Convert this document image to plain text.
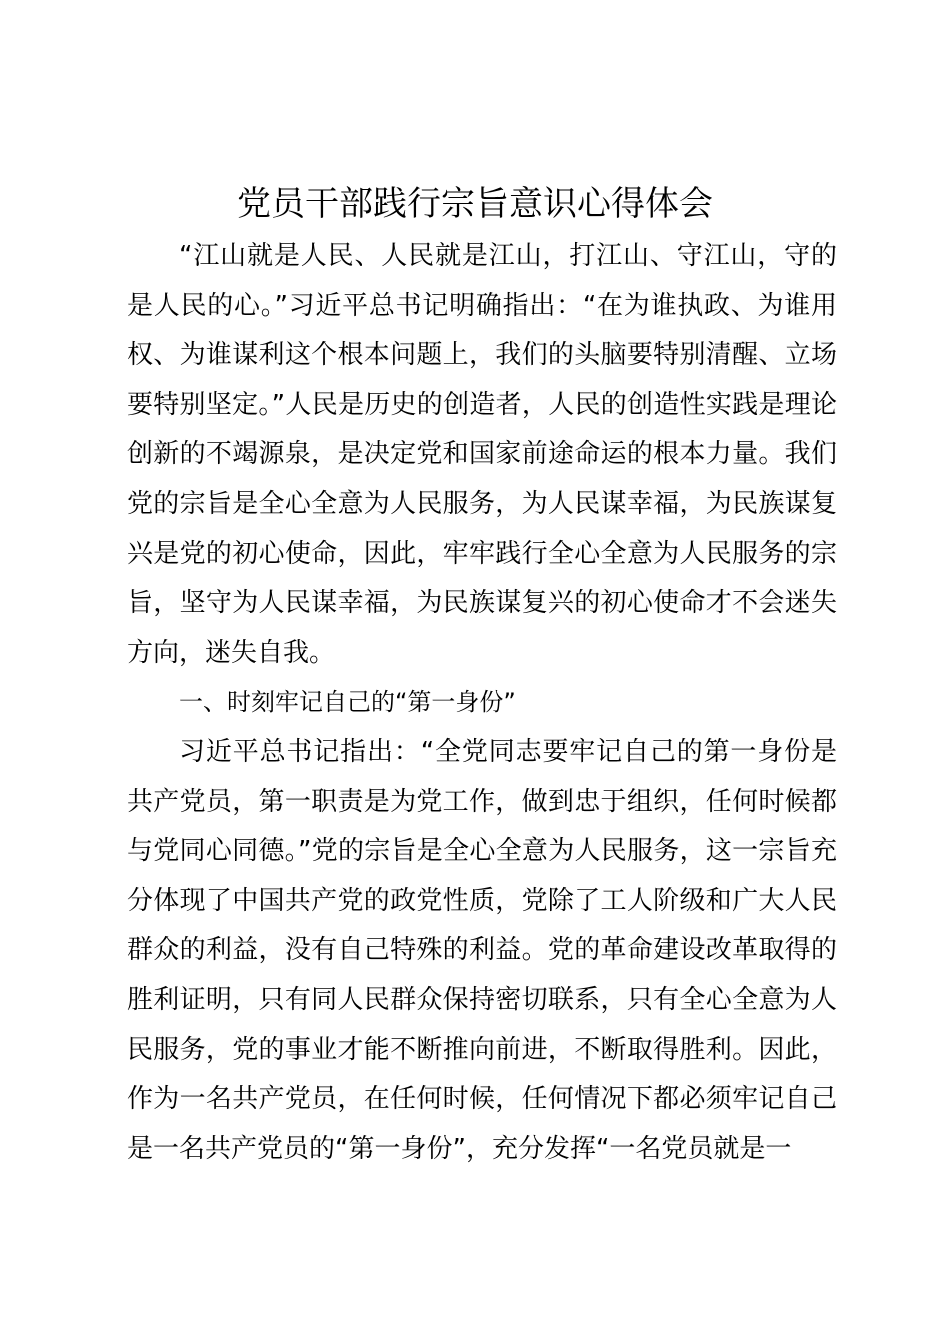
党员干部践行宗旨意识心得体会

“江山就是人民、人民就是江山，打江山、守江山，守的是人民的心。”习近平总书记明确指出：“在为谁执政、为谁用权、为谁谋利这个根本问题上，我们的头脑要特别清醒、立场要特别坚定。”人民是历史的创造者，人民的创造性实践是理论创新的不竭源泉，是决定党和国家前途命运的根本力量。我们党的宗旨是全心全意为人民服务，为人民谋幸福，为民族谋复兴是党的初心使命，因此，牢牢践行全心全意为人民服务的宗旨，坚守为人民谋幸福，为民族谋复兴的初心使命才不会迷失方向，迷失自我。

一、时刻牢记自己的“第一身份”

习近平总书记指出：“全党同志要牢记自己的第一身份是共产党员，第一职责是为党工作，做到忠于组织，任何时候都与党同心同德。”党的宗旨是全心全意为人民服务，这一宗旨充分体现了中国共产党的政党性质，党除了工人阶级和广大人民群众的利益，没有自己特殊的利益。党的革命建设改革取得的胜利证明，只有同人民群众保持密切联系，只有全心全意为人民服务，党的事业才能不断推向前进，不断取得胜利。因此，作为一名共产党员，在任何时候，任何情况下都必须牢记自己是一名共产党员的“第一身份”，充分发挥“一名党员就是一
